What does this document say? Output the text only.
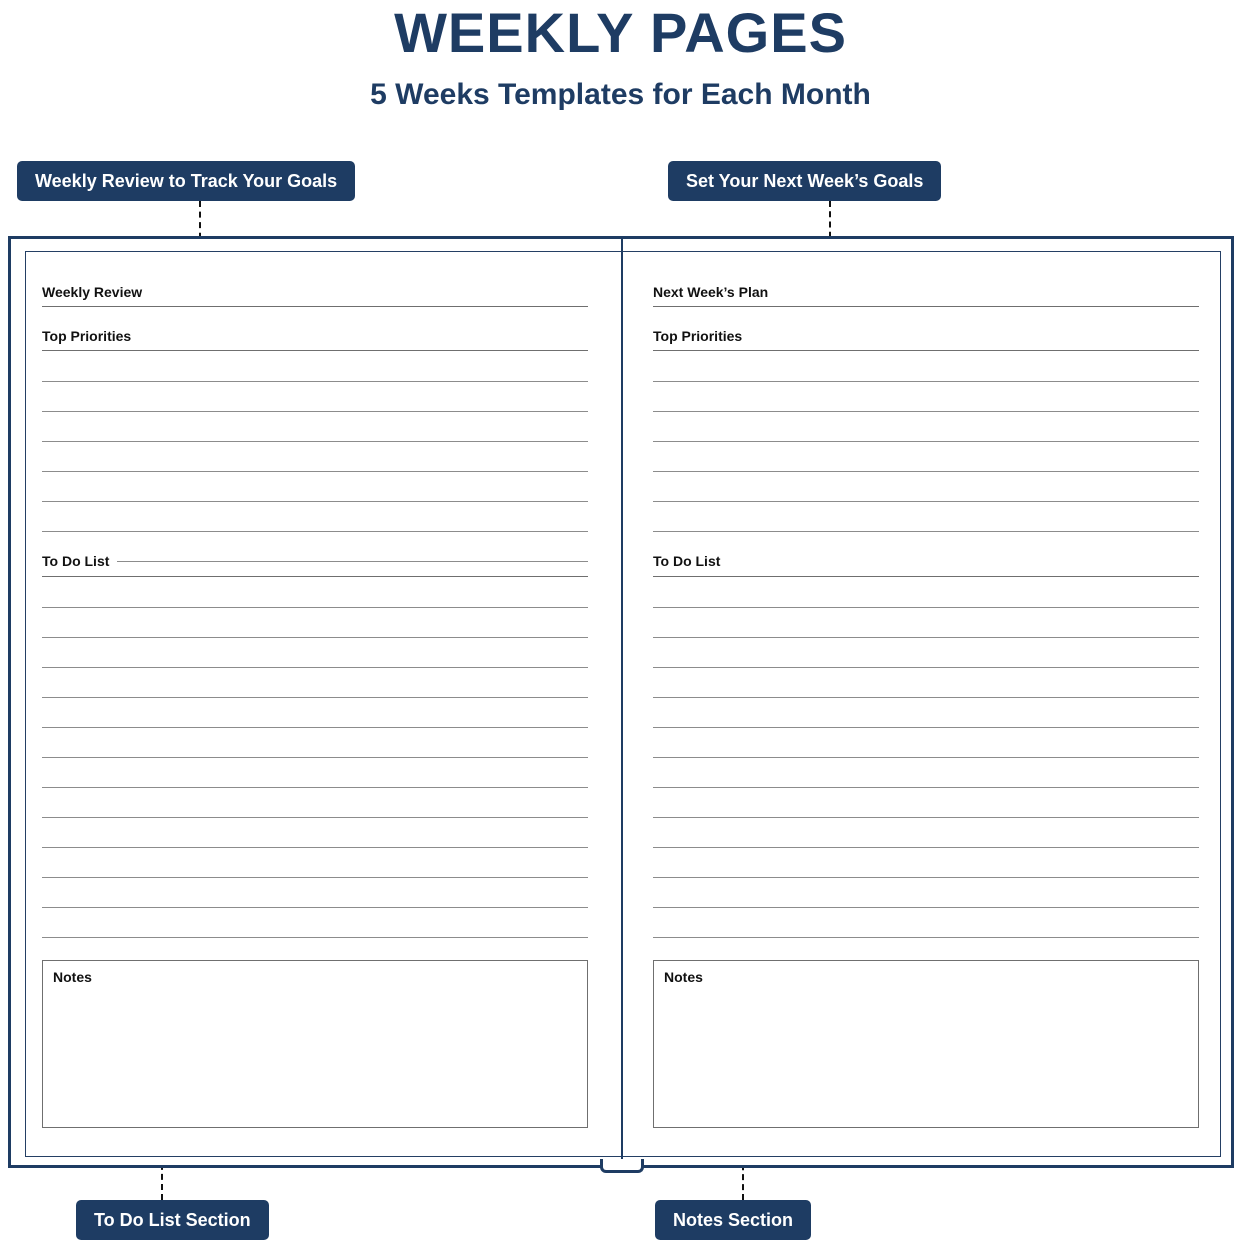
WEEKLY PAGES
5 Weeks Templates for Each Month
Weekly Review to Track Your Goals	Set Your Next Week’s Goals
To Do List Section	Notes Section
Weekly Review
Top Priorities
To Do List
Notes
Next Week’s Plan
Top Priorities
To Do List
Notes
